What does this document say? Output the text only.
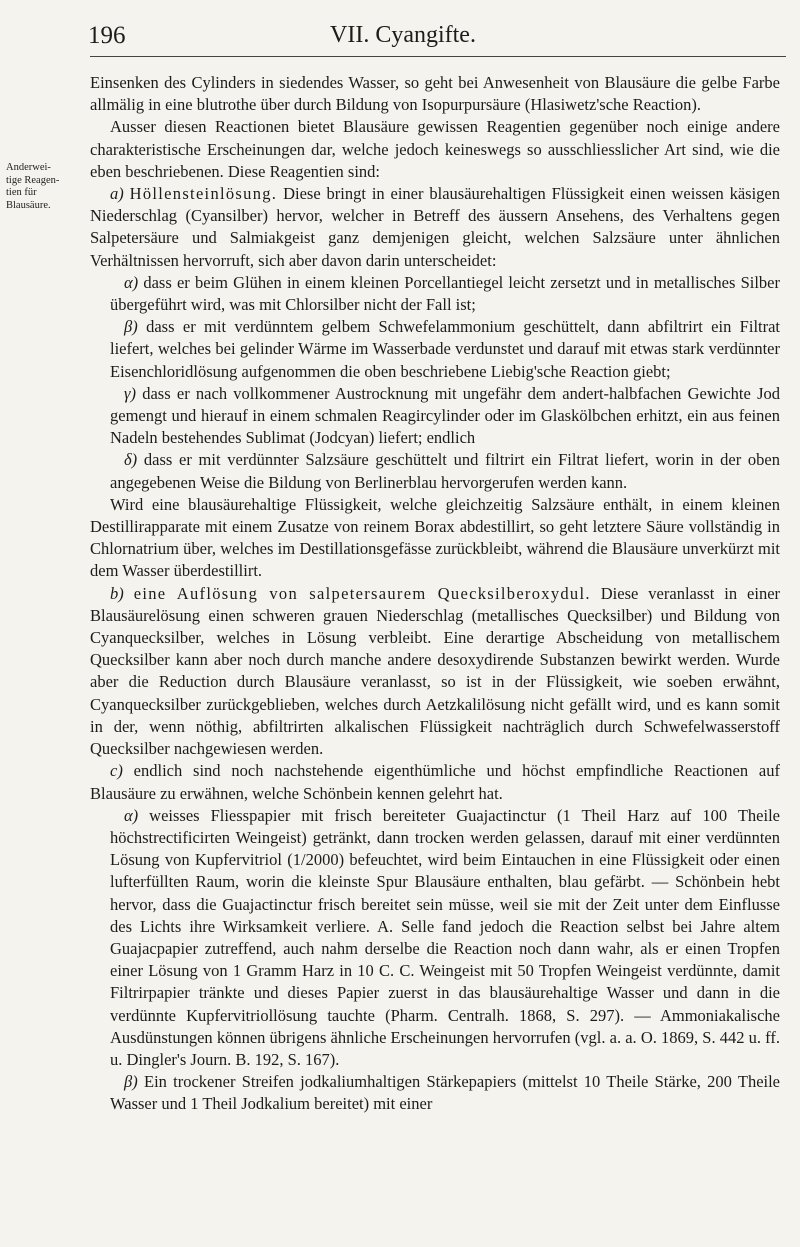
196	VII. Cyangifte.
Anderwei-
tige Reagen-
tien für
Blausäure.

Einsenken des Cylinders in siedendes Wasser, so geht bei Anwesenheit von Blausäure die gelbe Farbe allmälig in eine blutrothe über durch Bildung von Isopurpursäure (Hlasiwetz'sche Reaction).

Ausser diesen Reactionen bietet Blausäure gewissen Reagentien gegenüber noch einige andere charakteristische Erscheinungen dar, welche jedoch keineswegs so ausschliesslicher Art sind, wie die eben beschriebenen. Diese Reagentien sind:

a) Höllensteinlösung. Diese bringt in einer blausäurehaltigen Flüssigkeit einen weissen käsigen Niederschlag (Cyansilber) hervor, welcher in Betreff des äussern Ansehens, des Verhaltens gegen Salpetersäure und Salmiakgeist ganz demjenigen gleicht, welchen Salzsäure unter ähnlichen Verhältnissen hervorruft, sich aber davon darin unterscheidet:

α) dass er beim Glühen in einem kleinen Porcellantiegel leicht zersetzt und in metallisches Silber übergeführt wird, was mit Chlorsilber nicht der Fall ist;

β) dass er mit verdünntem gelbem Schwefelammonium geschüttelt, dann abfiltrirt ein Filtrat liefert, welches bei gelinder Wärme im Wasserbade verdunstet und darauf mit etwas stark verdünnter Eisenchloridlösung aufgenommen die oben beschriebene Liebig'sche Reaction giebt;

γ) dass er nach vollkommener Austrocknung mit ungefähr dem andert-halbfachen Gewichte Jod gemengt und hierauf in einem schmalen Reagircylinder oder im Glaskölbchen erhitzt, ein aus feinen Nadeln bestehendes Sublimat (Jodcyan) liefert; endlich

δ) dass er mit verdünnter Salzsäure geschüttelt und filtrirt ein Filtrat liefert, worin in der oben angegebenen Weise die Bildung von Berlinerblau hervorgerufen werden kann.

Wird eine blausäurehaltige Flüssigkeit, welche gleichzeitig Salzsäure enthält, in einem kleinen Destillirapparate mit einem Zusatze von reinem Borax abdestillirt, so geht letztere Säure vollständig in Chlornatrium über, welches im Destillationsgefässe zurückbleibt, während die Blausäure unverkürzt mit dem Wasser überdestillirt.

b) eine Auflösung von salpetersaurem Quecksilberoxydul. Diese veranlasst in einer Blausäurelösung einen schweren grauen Niederschlag (metallisches Quecksilber) und Bildung von Cyanquecksilber, welches in Lösung verbleibt. Eine derartige Abscheidung von metallischem Quecksilber kann aber noch durch manche andere desoxydirende Substanzen bewirkt werden. Wurde aber die Reduction durch Blausäure veranlasst, so ist in der Flüssigkeit, wie soeben erwähnt, Cyanquecksilber zurückgeblieben, welches durch Aetzkalilösung nicht gefällt wird, und es kann somit in der, wenn nöthig, abfiltrirten alkalischen Flüssigkeit nachträglich durch Schwefelwasserstoff Quecksilber nachgewiesen werden.

c) endlich sind noch nachstehende eigenthümliche und höchst empfindliche Reactionen auf Blausäure zu erwähnen, welche Schönbein kennen gelehrt hat.

α) weisses Fliesspapier mit frisch bereiteter Guajactinctur (1 Theil Harz auf 100 Theile höchstrectificirten Weingeist) getränkt, dann trocken werden gelassen, darauf mit einer verdünnten Lösung von Kupfervitriol (1/2000) befeuchtet, wird beim Eintauchen in eine Flüssigkeit oder einen lufterfüllten Raum, worin die kleinste Spur Blausäure enthalten, blau gefärbt. — Schönbein hebt hervor, dass die Guajactinctur frisch bereitet sein müsse, weil sie mit der Zeit unter dem Einflusse des Lichts ihre Wirksamkeit verliere. A. Selle fand jedoch die Reaction selbst bei Jahre altem Guajacpapier zutreffend, auch nahm derselbe die Reaction noch dann wahr, als er einen Tropfen einer Lösung von 1 Gramm Harz in 10 C. C. Weingeist mit 50 Tropfen Weingeist verdünnte, damit Filtrirpapier tränkte und dieses Papier zuerst in das blausäurehaltige Wasser und dann in die verdünnte Kupfervitriollösung tauchte (Pharm. Centralh. 1868, S. 297). — Ammoniakalische Ausdünstungen können übrigens ähnliche Erscheinungen hervorrufen (vgl. a. a. O. 1869, S. 442 u. ff. u. Dingler's Journ. B. 192, S. 167).

β) Ein trockener Streifen jodkaliumhaltigen Stärkepapiers (mittelst 10 Theile Stärke, 200 Theile Wasser und 1 Theil Jodkalium bereitet) mit einer
